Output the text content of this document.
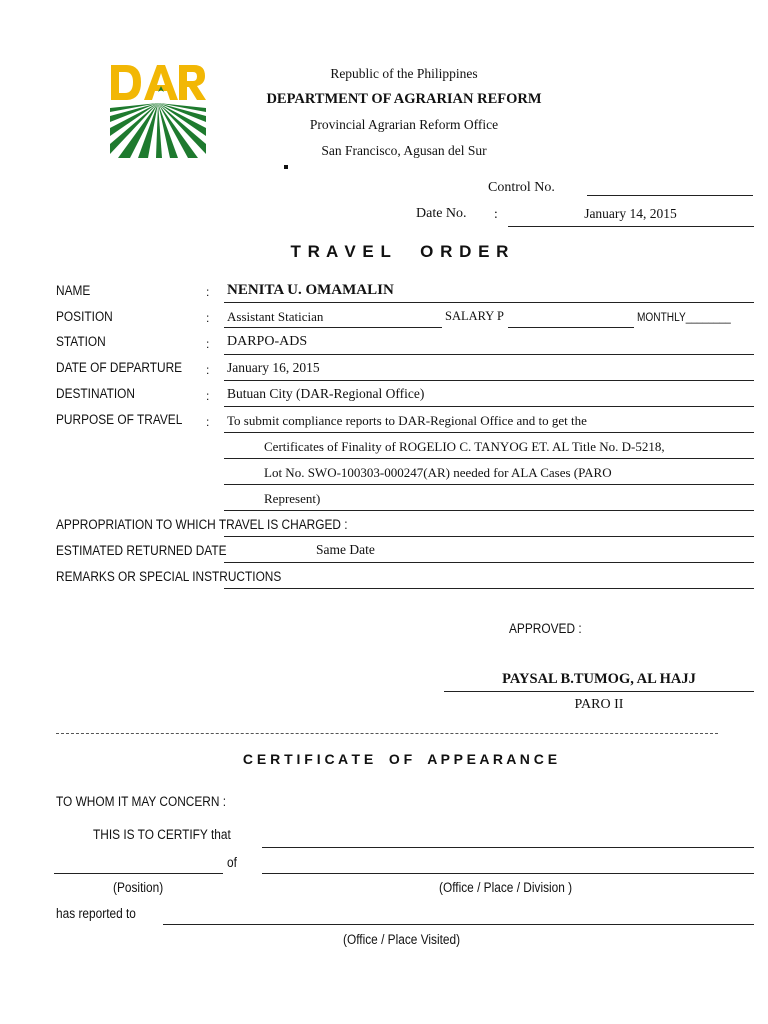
Republic of the Philippines
DEPARTMENT OF AGRARIAN REFORM
Provincial Agrarian Reform Office
San Francisco, Agusan del Sur
Control No.
Date No. :	January 14, 2015
T R A V E L     O R D E R
NAME	: NENITA U. OMAMALIN
POSITION	: Assistant Statician	SALARY P	MONTHLY________
STATION	: DARPO-ADS
DATE OF DEPARTURE : January 16, 2015
DESTINATION	: Butuan City (DAR-Regional Office)
PURPOSE OF TRAVEL : To submit compliance reports to DAR-Regional Office and to get the
Certificates of Finality of ROGELIO C. TANYOG ET. AL Title No. D-5218,
Lot No. SWO-100303-000247(AR) needed for ALA Cases (PARO
Represent)
APPROPRIATION TO WHICH TRAVEL IS CHARGED :
ESTIMATED RETURNED DATE	Same Date
REMARKS OR SPECIAL INSTRUCTIONS
APPROVED :
PAYSAL B.TUMOG, AL HAJJ
PARO II
C E R T I F I C A T E    O F    A P P E A R A N C E
TO WHOM IT MAY CONCERN :
THIS IS TO CERTIFY that
of
(Position)	(Office / Place / Division )
has reported to
(Office / Place Visited)
